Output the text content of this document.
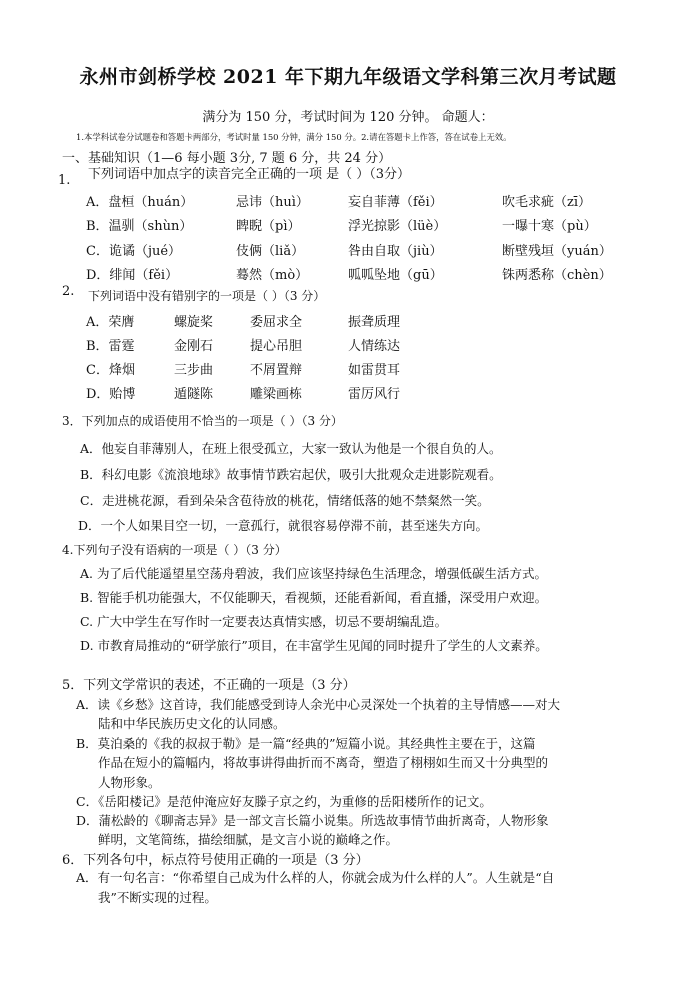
永州市剑桥学校 2021 年下期九年级语文学科第三次月考试题
满分为 150 分，考试时间为 120 分钟。 命题人：
1.本学科试卷分试题卷和答题卡两部分，考试时量 150 分钟，满分 150 分。2.请在答题卡上作答，答在试卷上无效。
一、基础知识（1—6 每小题 3分, 7 题 6 分，共 24 分）
1. 下列词语中加点字的读音完全正确的一项 是（ ）（3分）
A．盘桓（huán）	忌讳（huì）	妄自菲薄（fěi）	吹毛求疵（zī）
B．温驯（shùn）	睥睨（pì）	浮光掠影（lüè）	一曝十寒（pù）
C．诡谲（jué）	伎俩（liǎ）	咎由自取（jiù）	断壁残垣（yuán）
D．绯闻（fěi）	蓦然（mò）	呱呱坠地（gū）	铢两悉称（chèn）
2. 下列词语中没有错别字的一项是（ ）（3 分）
A．荣膺	螺旋桨	委屈求全	振聋质理
B．雷霆	金刚石	提心吊胆	人情练达
C．烽烟	三步曲	不屑置辩	如雷贯耳
D．贻博	遁隧陈	雕梁画栋	雷厉风行
3．下列加点的成语使用不恰当的一项是（ ）（3 分）
A．他妄自菲薄别人，在班上很受孤立，大家一致认为他是一个很自负的人。
B．科幻电影《流浪地球》故事情节跌宕起伏，吸引大批观众走进影院观看。
C．走进桃花源，看到朵朵含苞待放的桃花，情绪低落的她不禁粲然一笑。
D．一个人如果目空一切，一意孤行，就很容易停滞不前，甚至迷失方向。
4.下列句子没有语病的一项是（ ）（3 分）
A. 为了后代能遥望星空荡舟碧波，我们应该坚持绿色生活理念，增强低碳生活方式。
B. 智能手机功能强大，不仅能聊天，看视频，还能看新闻，看直播，深受用户欢迎。
C. 广大中学生在写作时一定要表达真情实感，切忌不要胡编乱造。
D. 市教育局推动的“研学旅行”项目，在丰富学生见闻的同时提升了学生的人文素养。
5．下列文学常识的表述，不正确的一项是（3 分）
A．读《乡愁》这首诗，我们能感受到诗人余光中心灵深处一个执着的主导情感——对大
陆和中华民族历史文化的认同感。
B．莫泊桑的《我的叔叔于勒》是一篇“经典的”短篇小说。其经典性主要在于，这篇
作品在短小的篇幅内，将故事讲得曲折而不离奇，塑造了栩栩如生而又十分典型的
人物形象。
C．《岳阳楼记》是范仲淹应好友滕子京之约，为重修的岳阳楼所作的记文。
D．蒲松龄的《聊斋志异》是一部文言长篇小说集。所选故事情节曲折离奇，人物形象
鲜明，文笔简练，描绘细腻，是文言小说的巅峰之作。
6．下列各句中，标点符号使用正确的一项是（3 分）
A．有一句名言：“你希望自己成为什么样的人，你就会成为什么样的人”。人生就是“自
我”不断实现的过程。
